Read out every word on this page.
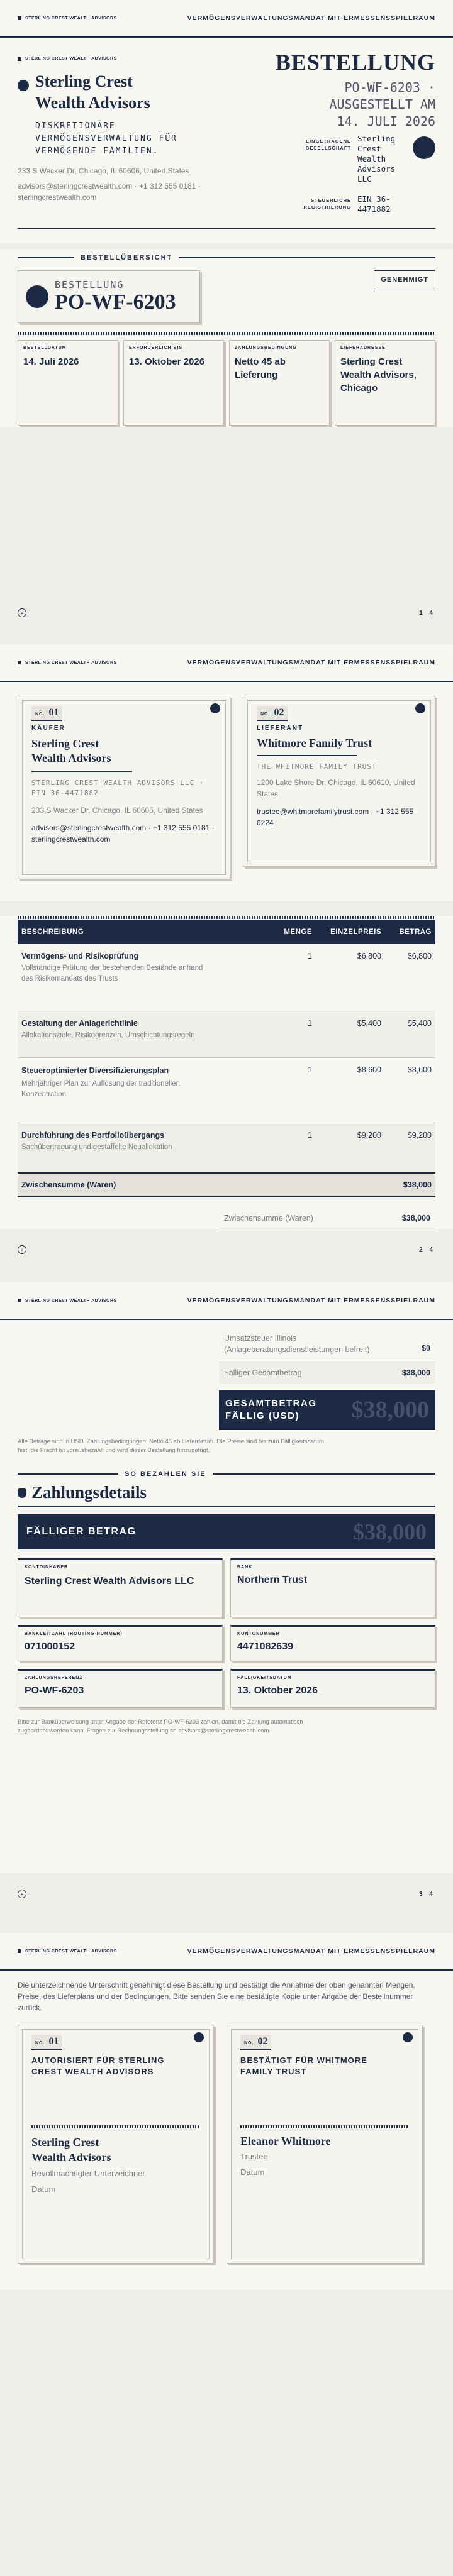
STERLING CREST WEALTH ADVISORS	VERMÖGENSVERWALTUNGSMANDAT MIT ERMESSENSSPIELRAUM
STERLING CREST WEALTH ADVISORS
Sterling Crest
Wealth Advisors
DISKRETIONÄRE VERMÖGENSVERWALTUNG FÜR VERMÖGENDE FAMILIEN.
233 S Wacker Dr, Chicago, IL 60606, United States
advisors@sterlingcrestwealth.com · +1 312 555 0181 ·
sterlingcrestwealth.com
BESTELLUNG
PO-WF-6203 ·
AUSGESTELLT AM
14. JULI 2026
EINGETRAGENE
GESELLSCHAFT
Sterling Crest Wealth Advisors LLC
STEUERLICHE
REGISTRIERUNG
EIN 36-4471882
BESTELLÜBERSICHT
BESTELLUNG
PO-WF-6203
GENEHMIGT
BESTELLDATUM
14. Juli 2026
ERFORDERLICH BIS
13. Oktober 2026
ZAHLUNGSBEDINGUNG
Netto 45 ab Lieferung
LIEFERADRESSE
Sterling Crest Wealth Advisors, Chicago
+	1 4
STERLING CREST WEALTH ADVISORS	VERMÖGENSVERWALTUNGSMANDAT MIT ERMESSENSSPIELRAUM
NO. 01
KÄUFER
Sterling Crest
Wealth Advisors
STERLING CREST WEALTH ADVISORS LLC · EIN 36-4471882
233 S Wacker Dr, Chicago, IL 60606, United States
advisors@sterlingcrestwealth.com · +1 312 555 0181 · sterlingcrestwealth.com
NO. 02
LIEFERANT
Whitmore Family Trust
THE WHITMORE FAMILY TRUST
1200 Lake Shore Dr, Chicago, IL 60610, United States
trustee@whitmorefamilytrust.com · +1 312 555 0224
BESCHREIBUNG	MENGE	EINZELPREIS	BETRAG

Vermögens- und Risikoprüfung
Vollständige Prüfung der bestehenden Bestände anhand des Risikomandats des Trusts	1	$6,800	$6,800

Gestaltung der Anlagerichtlinie
Allokationsziele, Risikogrenzen, Umschichtungsregeln	1	$5,400	$5,400

Steueroptimierter Diversifizierungsplan
Mehrjähriger Plan zur Auflösung der traditionellen Konzentration	1	$8,600	$8,600

Durchführung des Portfolioübergangs
Sachübertragung und gestaffelte Neuallokation	1	$9,200	$9,200
Zwischensumme (Waren)			$38,000
Zwischensumme (Waren)	$38,000
+	2 4
STERLING CREST WEALTH ADVISORS	VERMÖGENSVERWALTUNGSMANDAT MIT ERMESSENSSPIELRAUM
Umsatzsteuer Illinois (Anlageberatungsdienstleistungen befreit)	$0
Fälliger Gesamtbetrag	$38,000
GESAMTBETRAG
FÄLLIG (USD)	$38,000
Alle Beträge sind in USD. Zahlungsbedingungen: Netto 45 ab Lieferdatum. Die Preise sind bis zum Fälligkeitsdatum fest; die Fracht ist vorausbezahlt und wird dieser Bestellung hinzugefügt.
SO BEZAHLEN SIE
Zahlungsdetails
FÄLLIGER BETRAG	$38,000
KONTOINHABER
Sterling Crest Wealth Advisors LLC
BANK
Northern Trust
BANKLEITZAHL (ROUTING-NUMMER)
071000152
KONTONUMMER
4471082639
ZAHLUNGSREFERENZ
PO-WF-6203
FÄLLIGKEITSDATUM
13. Oktober 2026
Bitte zur Banküberweisung unter Angabe der Referenz PO-WF-6203 zahlen, damit die Zahlung automatisch zugeordnet werden kann. Fragen zur Rechnungsstellung an advisors@sterlingcrestwealth.com.
+	3 4
STERLING CREST WEALTH ADVISORS	VERMÖGENSVERWALTUNGSMANDAT MIT ERMESSENSSPIELRAUM
Die unterzeichnende Unterschrift genehmigt diese Bestellung und bestätigt die Annahme der oben genannten Mengen, Preise, des Lieferplans und der Bedingungen. Bitte senden Sie eine bestätigte Kopie unter Angabe der Bestellnummer zurück.
NO. 01
AUTORISIERT FÜR STERLING CREST WEALTH ADVISORS
Sterling Crest
Wealth Advisors
Bevollmächtigter Unterzeichner
Datum
NO. 02
BESTÄTIGT FÜR WHITMORE FAMILY TRUST
Eleanor Whitmore
Trustee
Datum
